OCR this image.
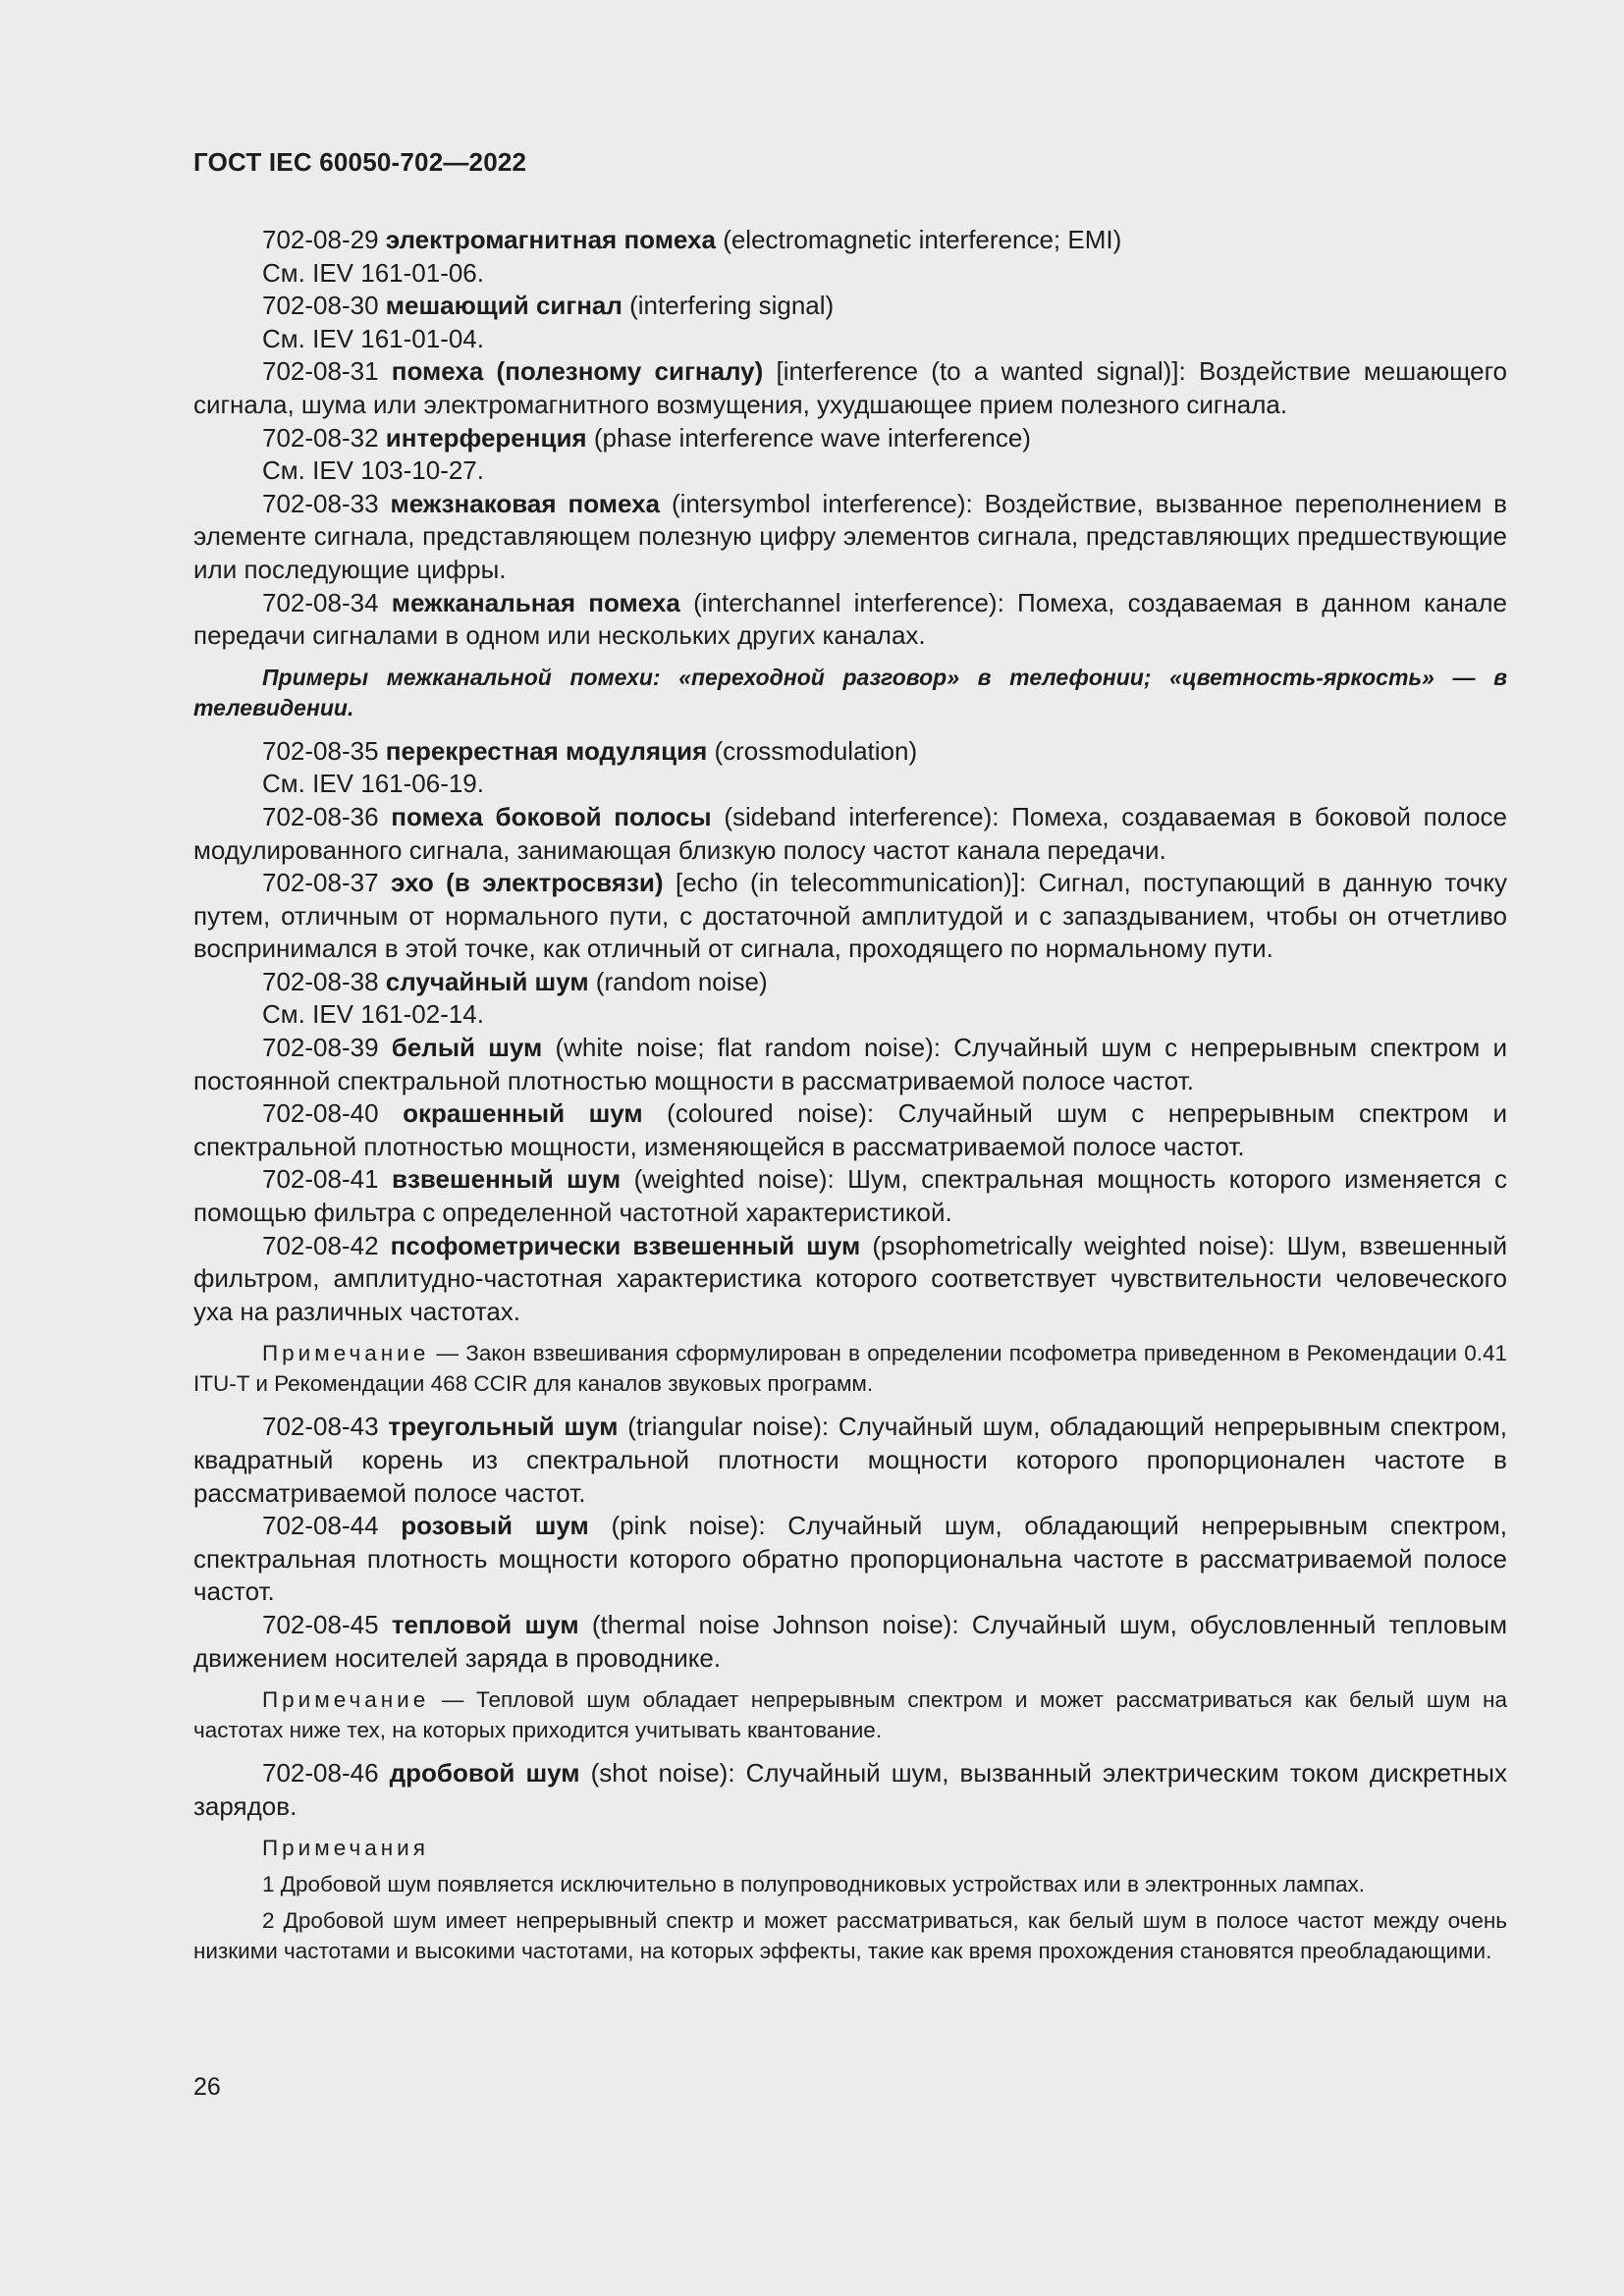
ГОСТ IEC 60050-702—2022

702-08-29 электромагнитная помеха (electromagnetic interference; EMI)

См. IEV 161-01-06.

702-08-30 мешающий сигнал (interfering signal)

См. IEV 161-01-04.

702-08-31 помеха (полезному сигналу) [interference (to a wanted signal)]: Воздействие мешающего сигнала, шума или электромагнитного возмущения, ухудшающее прием полезного сигнала.

702-08-32 интерференция (phase interference wave interference)

См. IEV 103-10-27.

702-08-33 межзнаковая помеха (intersymbol interference): Воздействие, вызванное переполнением в элементе сигнала, представляющем полезную цифру элементов сигнала, представляющих предшествующие или последующие цифры.

702-08-34 межканальная помеха (interchannel interference): Помеха, создаваемая в данном канале передачи сигналами в одном или нескольких других каналах.

Примеры межканальной помехи: «переходной разговор» в телефонии; «цветность-яркость» — в телевидении.

702-08-35 перекрестная модуляция (crossmodulation)

См. IEV 161-06-19.

702-08-36 помеха боковой полосы (sideband interference): Помеха, создаваемая в боковой полосе модулированного сигнала, занимающая близкую полосу частот канала передачи.

702-08-37 эхо (в электросвязи) [echo (in telecommunication)]: Сигнал, поступающий в данную точку путем, отличным от нормального пути, с достаточной амплитудой и с запаздыванием, чтобы он отчетливо воспринимался в этой точке, как отличный от сигнала, проходящего по нормальному пути.

702-08-38 случайный шум (random noise)

См. IEV 161-02-14.

702-08-39 белый шум (white noise; flat random noise): Случайный шум с непрерывным спектром и постоянной спектральной плотностью мощности в рассматриваемой полосе частот.

702-08-40 окрашенный шум (coloured noise): Случайный шум с непрерывным спектром и спектральной плотностью мощности, изменяющейся в рассматриваемой полосе частот.

702-08-41 взвешенный шум (weighted noise): Шум, спектральная мощность которого изменяется с помощью фильтра с определенной частотной характеристикой.

702-08-42 псофометрически взвешенный шум (psophometrically weighted noise): Шум, взвешенный фильтром, амплитудно-частотная характеристика которого соответствует чувствительности человеческого уха на различных частотах.

Примечание — Закон взвешивания сформулирован в определении псофометра приведенном в Рекомендации 0.41 ITU-T и Рекомендации 468 CCIR для каналов звуковых программ.

702-08-43 треугольный шум (triangular noise): Случайный шум, обладающий непрерывным спектром, квадратный корень из спектральной плотности мощности которого пропорционален частоте в рассматриваемой полосе частот.

702-08-44 розовый шум (pink noise): Случайный шум, обладающий непрерывным спектром, спектральная плотность мощности которого обратно пропорциональна частоте в рассматриваемой полосе частот.

702-08-45 тепловой шум (thermal noise Johnson noise): Случайный шум, обусловленный тепловым движением носителей заряда в проводнике.

Примечание — Тепловой шум обладает непрерывным спектром и может рассматриваться как белый шум на частотах ниже тех, на которых приходится учитывать квантование.

702-08-46 дробовой шум (shot noise): Случайный шум, вызванный электрическим током дискретных зарядов.

Примечания

1 Дробовой шум появляется исключительно в полупроводниковых устройствах или в электронных лампах.

2 Дробовой шум имеет непрерывный спектр и может рассматриваться, как белый шум в полосе частот между очень низкими частотами и высокими частотами, на которых эффекты, такие как время прохождения становятся преобладающими.

26
